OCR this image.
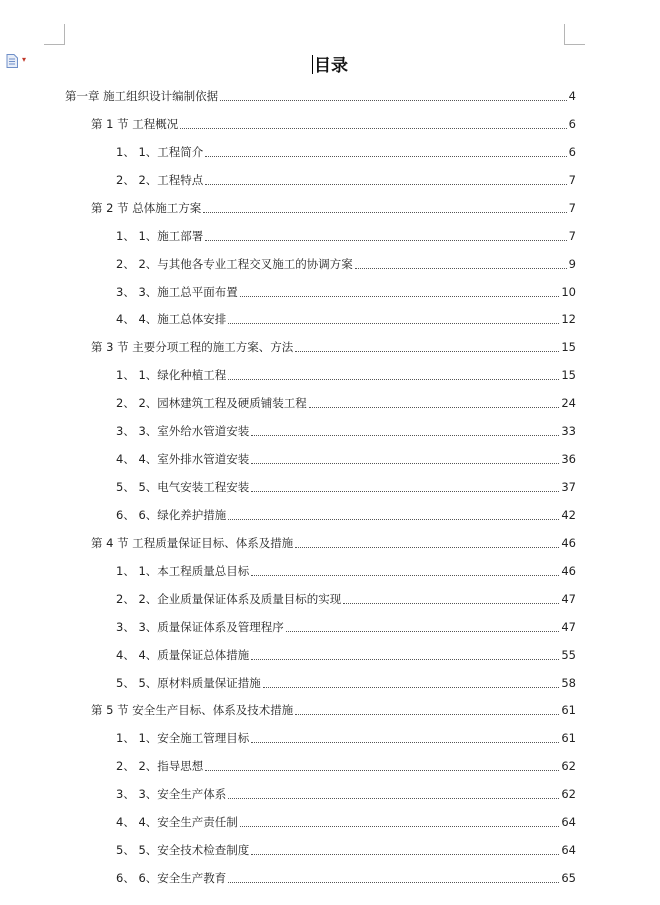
▾	目录
第一章 施工组织设计编制依据	4
第 1 节 工程概况	6
1、 1、工程简介	6
2、 2、工程特点	7
第 2 节 总体施工方案	7
1、 1、施工部署	7
2、 2、与其他各专业工程交叉施工的协调方案	9
3、 3、施工总平面布置	10
4、 4、施工总体安排	12
第 3 节 主要分项工程的施工方案、方法	15
1、 1、绿化种植工程	15
2、 2、园林建筑工程及硬质铺装工程	24
3、 3、室外给水管道安装	33
4、 4、室外排水管道安装	36
5、 5、电气安装工程安装	37
6、 6、绿化养护措施	42
第 4 节 工程质量保证目标、体系及措施	46
1、 1、本工程质量总目标	46
2、 2、企业质量保证体系及质量目标的实现	47
3、 3、质量保证体系及管理程序	47
4、 4、质量保证总体措施	55
5、 5、原材料质量保证措施	58
第 5 节 安全生产目标、体系及技术措施	61
1、 1、安全施工管理目标	61
2、 2、指导思想	62
3、 3、安全生产体系	62
4、 4、安全生产责任制	64
5、 5、安全技术检查制度	64
6、 6、安全生产教育	65
